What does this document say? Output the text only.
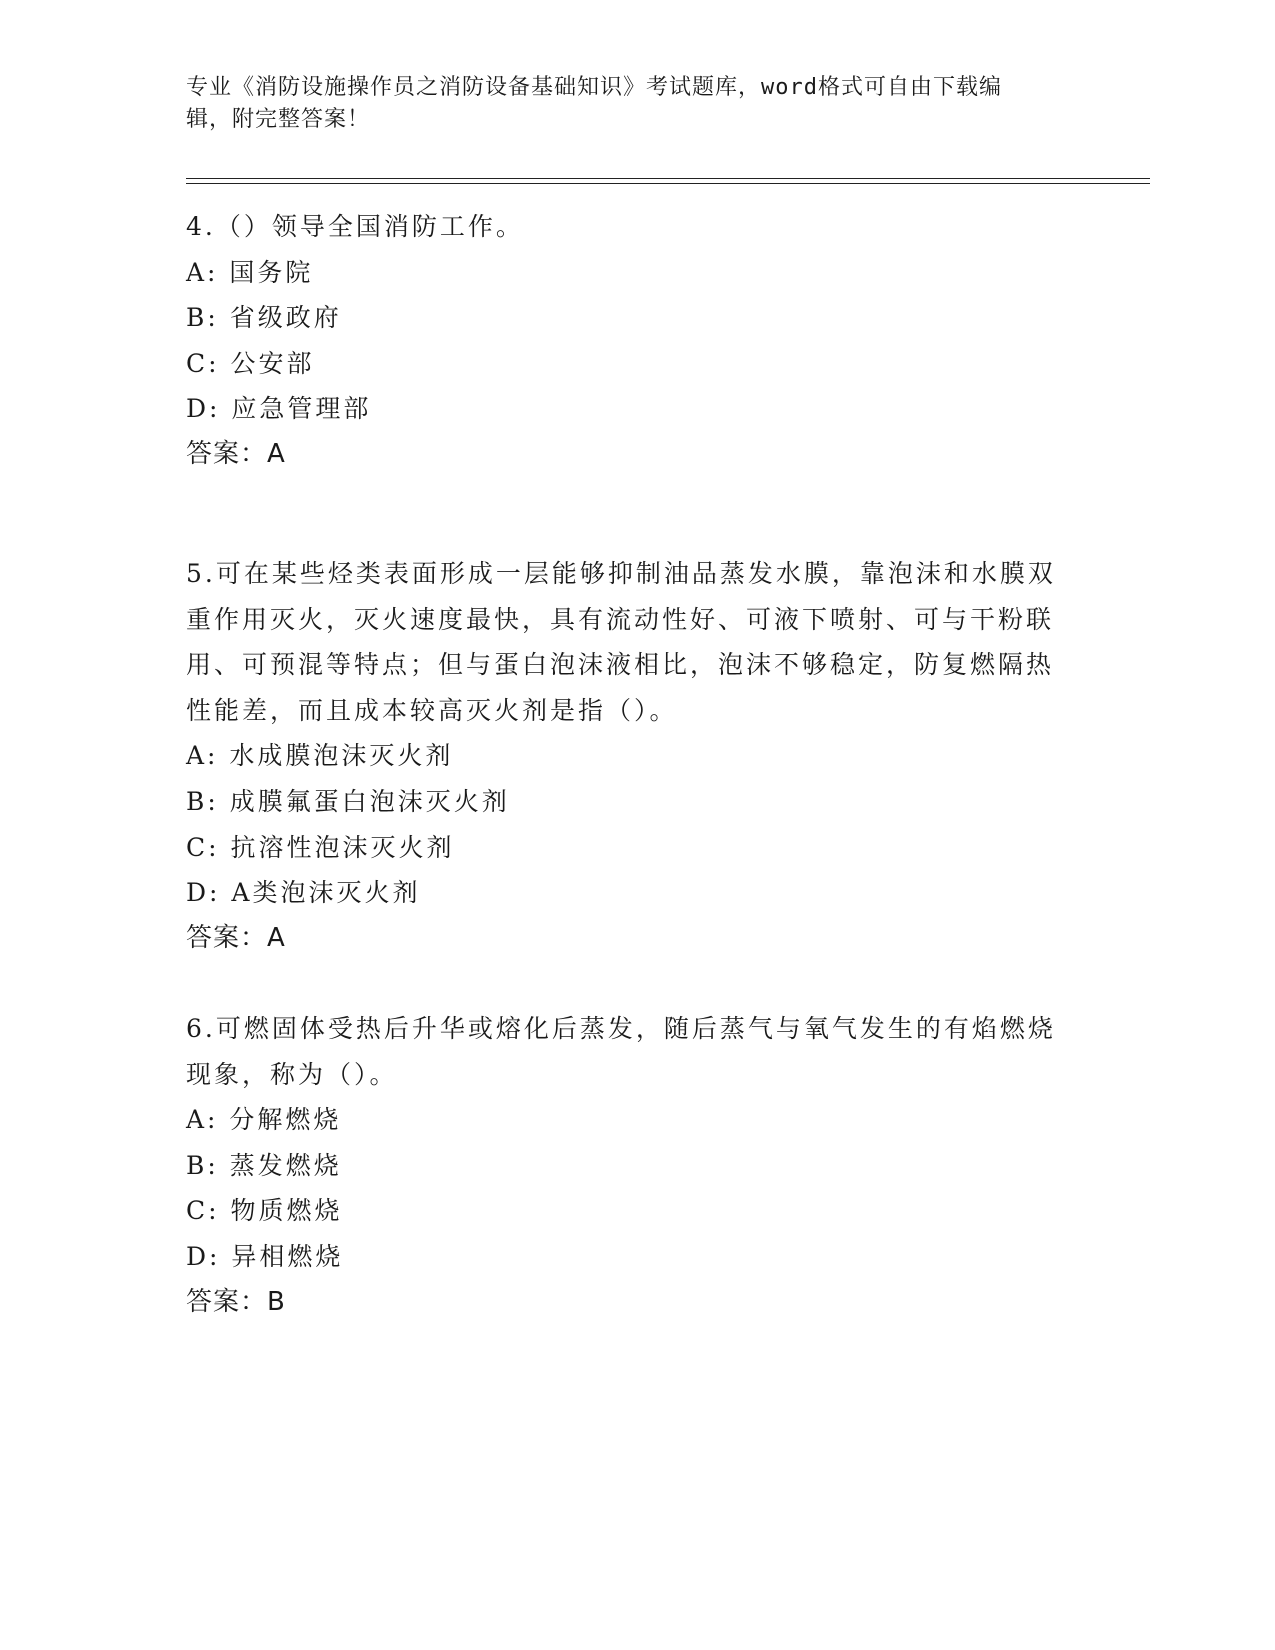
专业《消防设施操作员之消防设备基础知识》考试题库，word格式可自由下载编
辑，附完整答案！
4.（）领导全国消防工作。
A: 国务院
B: 省级政府
C: 公安部
D: 应急管理部
答案：A
5.可在某些烃类表面形成一层能够抑制油品蒸发水膜，靠泡沫和水膜双重作用灭火，灭火速度最快，具有流动性好、可液下喷射、可与干粉联用、可预混等特点；但与蛋白泡沫液相比，泡沫不够稳定，防复燃隔热性能差，而且成本较高灭火剂是指（）。
A: 水成膜泡沫灭火剂
B: 成膜氟蛋白泡沫灭火剂
C: 抗溶性泡沫灭火剂
D: A类泡沫灭火剂
答案：A
6.可燃固体受热后升华或熔化后蒸发，随后蒸气与氧气发生的有焰燃烧现象，称为（）。
A: 分解燃烧
B: 蒸发燃烧
C: 物质燃烧
D: 异相燃烧
答案：B
